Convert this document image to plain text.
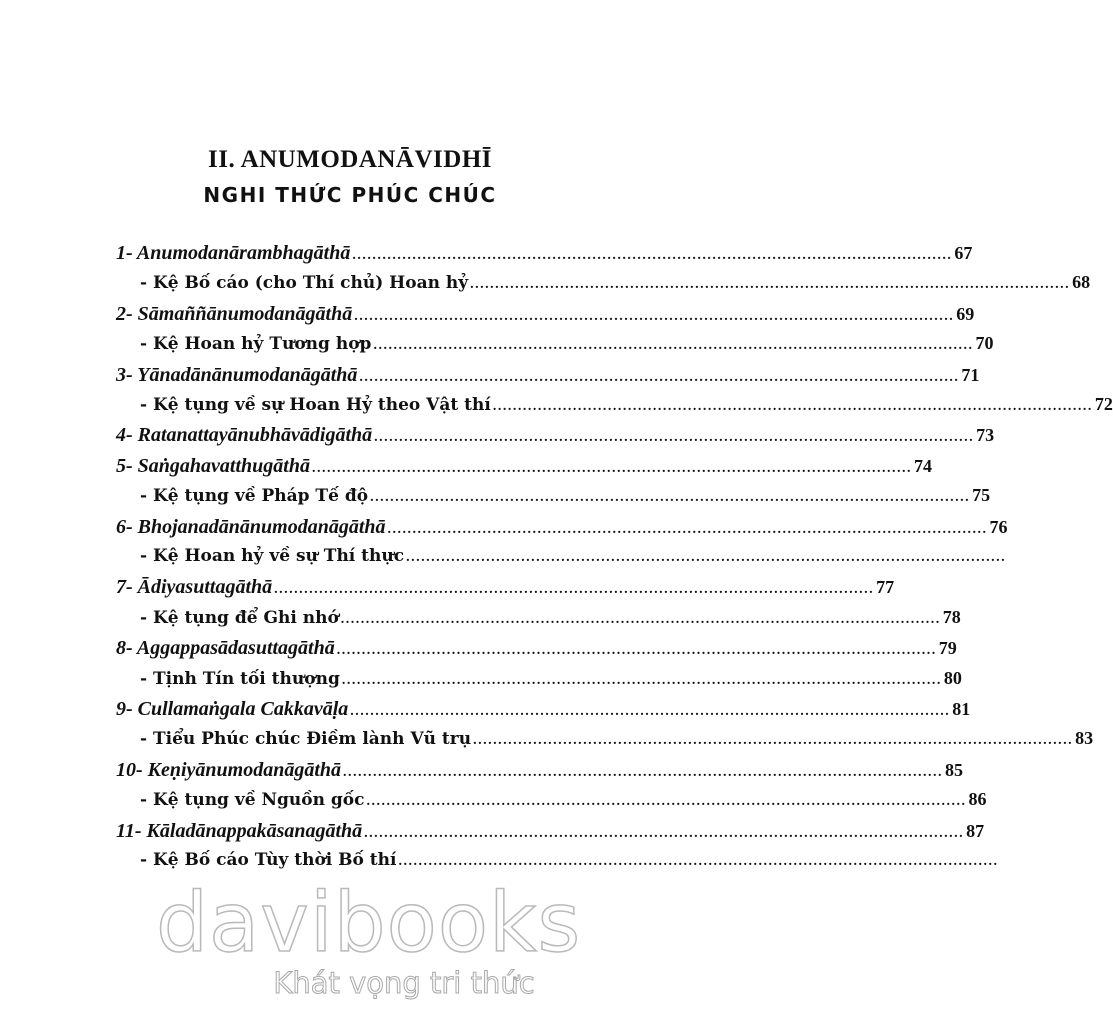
II. ANUMODANĀVIDHĪ
NGHI THỨC PHÚC CHÚC
1- Anumodanārambhagāthā ........................................................................................................................ 67
- Kệ Bố cáo (cho Thí chủ) Hoan hỷ ........................................................................................................................ 68
2- Sāmaññānumodanāgāthā ........................................................................................................................ 69
- Kệ Hoan hỷ Tương hợp ........................................................................................................................ 70
3- Yānadānānumodanāgāthā ........................................................................................................................ 71
- Kệ tụng về sự Hoan Hỷ theo Vật thí ........................................................................................................................ 72
4- Ratanattayānubhāvādigāthā ........................................................................................................................ 73
5- Saṅgahavatthugāthā ........................................................................................................................ 74
- Kệ tụng về Pháp Tế độ ........................................................................................................................ 75
6- Bhojanadānānumodanāgāthā ........................................................................................................................ 76
- Kệ Hoan hỷ về sự Thí thực ........................................................................................................................
7- Ādiyasuttagāthā ........................................................................................................................ 77
- Kệ tụng để Ghi nhớ ........................................................................................................................ 78
8- Aggappasādasuttagāthā ........................................................................................................................ 79
- Tịnh Tín tối thượng ........................................................................................................................ 80
9- Cullamaṅgala Cakkavāḷa ........................................................................................................................ 81
- Tiểu Phúc chúc Điềm lành Vũ trụ ........................................................................................................................ 83
10- Keṇiyānumodanāgāthā ........................................................................................................................ 85
- Kệ tụng về Nguồn gốc ........................................................................................................................ 86
11- Kāladānappakāsanagāthā ........................................................................................................................ 87
- Kệ Bố cáo Tùy thời Bố thí ........................................................................................................................
davibooks
Khát vọng tri thức
